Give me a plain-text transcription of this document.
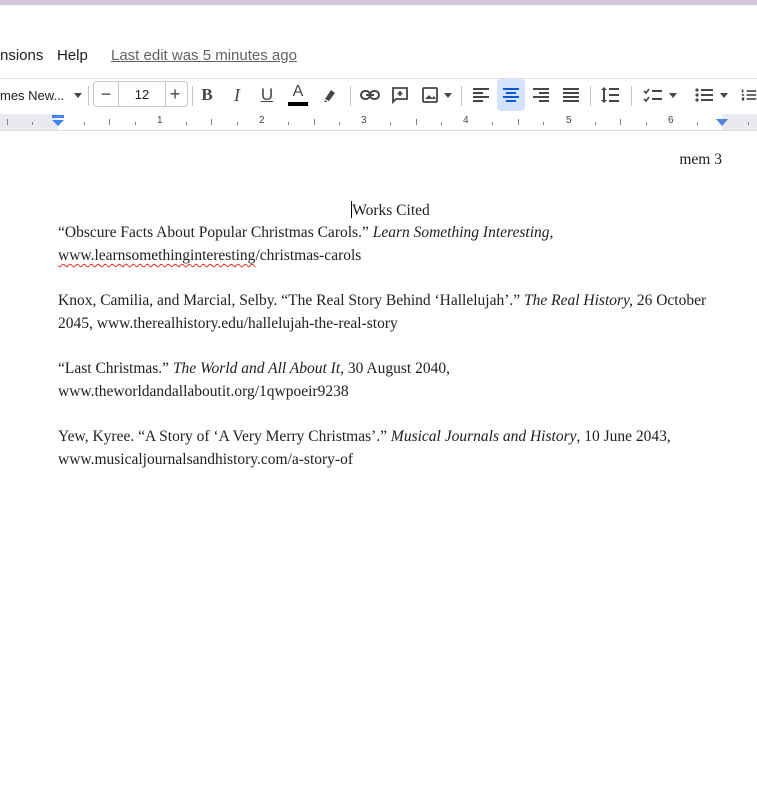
nsions Help Last edit was 5 minutes ago
mes New...	−	12	+	B	I	U	A
1	2	3	4	5	6
mem 3
Works Cited
“Obscure Facts About Popular Christmas Carols.” Learn Something Interesting,
www.learnsomethinginteresting/christmas-carols
Knox, Camilia, and Marcial, Selby. “The Real Story Behind ‘Hallelujah’.” The Real History, 26 October 2045, www.therealhistory.edu/hallelujah-the-real-story
“Last Christmas.” The World and All About It, 30 August 2040, www.theworldandallaboutit.org/1qwpoeir9238
Yew, Kyree. “A Story of ‘A Very Merry Christmas’.” Musical Journals and History, 10 June 2043, www.musicaljournalsandhistory.com/a-story-of
